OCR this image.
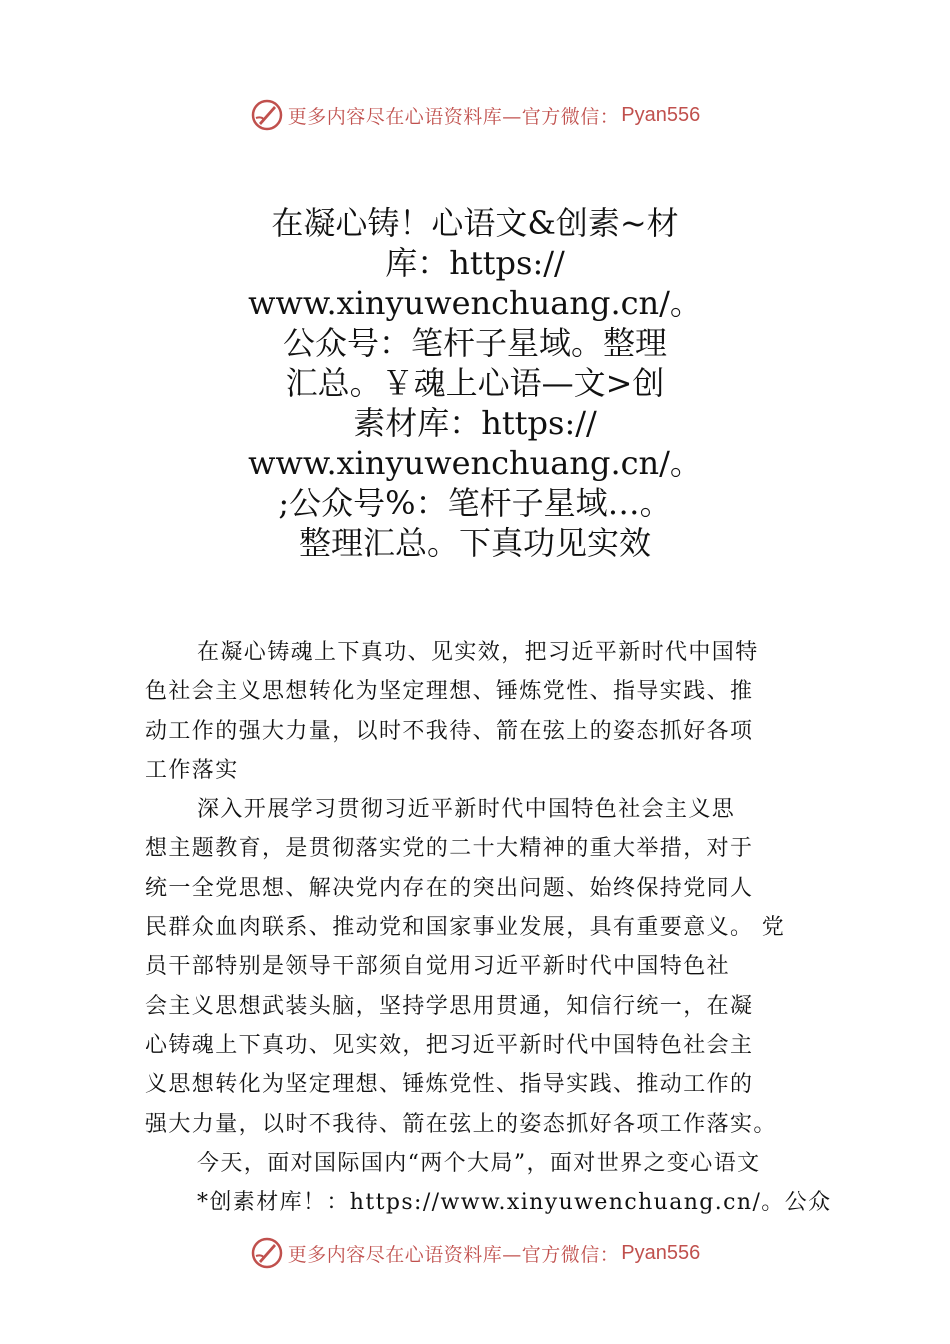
更多内容尽在心语资料库—官方微信： Pyan556
在凝心铸！心语文&创素~材
库：https://
www.xinyuwenchuang.cn/。
公众号：笔杆子星域。整理
汇总。￥魂上心语—文>创
素材库：https://
www.xinyuwenchuang.cn/。
;公众号%：笔杆子星域…。
整理汇总。下真功见实效
在凝心铸魂上下真功、见实效，把习近平新时代中国特
色社会主义思想转化为坚定理想、锤炼党性、指导实践、推
动工作的强大力量，以时不我待、箭在弦上的姿态抓好各项
工作落实
深入开展学习贯彻习近平新时代中国特色社会主义思
想主题教育，是贯彻落实党的二十大精神的重大举措，对于
统一全党思想、解决党内存在的突出问题、始终保持党同人
民群众血肉联系、推动党和国家事业发展，具有重要意义。 党
员干部特别是领导干部须自觉用习近平新时代中国特色社
会主义思想武装头脑，坚持学思用贯通，知信行统一，在凝
心铸魂上下真功、见实效，把习近平新时代中国特色社会主
义思想转化为坚定理想、锤炼党性、指导实践、推动工作的
强大力量，以时不我待、箭在弦上的姿态抓好各项工作落实。
今天，面对国际国内“两个大局”，面对世界之变心语文
*创素材库！：https://www.xinyuwenchuang.cn/。公众
更多内容尽在心语资料库—官方微信： Pyan556
